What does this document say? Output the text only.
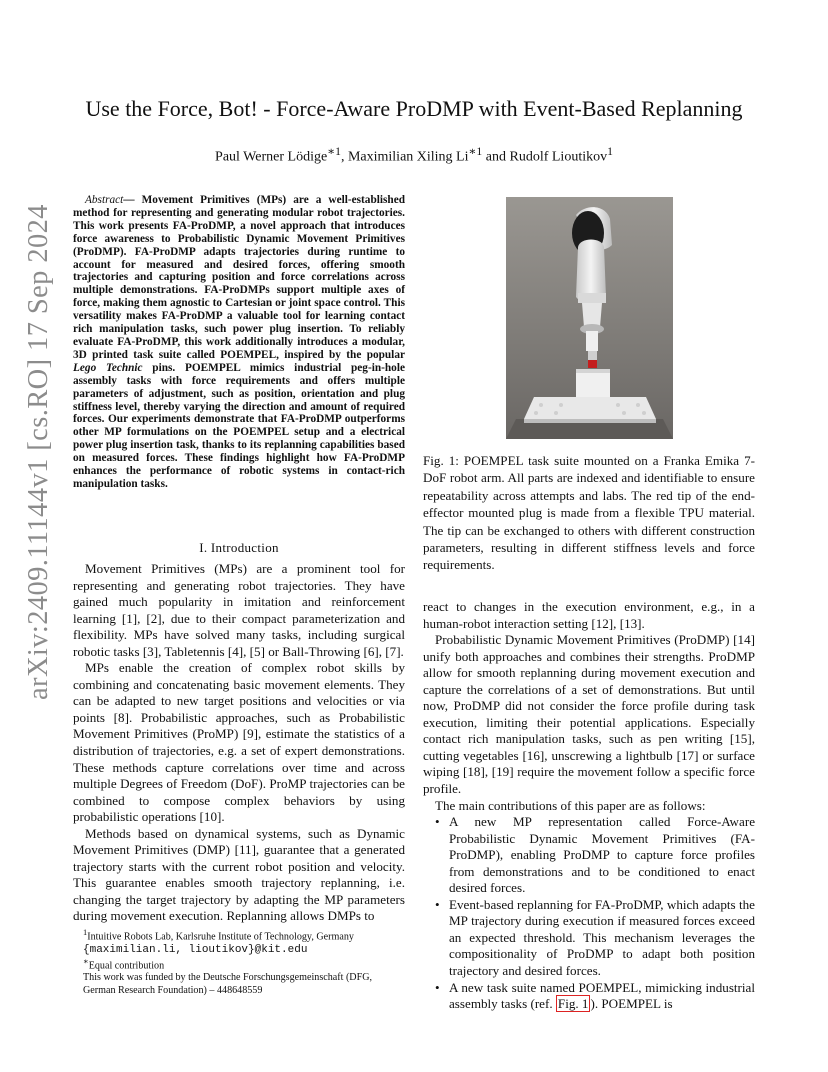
arXiv:2409.11144v1 [cs.RO] 17 Sep 2024
Use the Force, Bot! - Force-Aware ProDMP with Event-Based Replanning
Paul Werner Lödige$^{∗1}$, Maximilian Xiling $Li^{∗1}$ and Rudolf Lioutikov$^1$

Abstract— Movement Primitives (MPs) are a well-established method for representing and generating modular robot trajectories. This work presents FA-ProDMP, a novel approach that introduces force awareness to Probabilistic Dynamic Movement Primitives (ProDMP). FA-ProDMP adapts trajectories during runtime to account for measured and desired forces, offering smooth trajectories and capturing position and force correlations across multiple demonstrations. FA-ProDMPs support multiple axes of force, making them agnostic to Cartesian or joint space control. This versatility makes FA-ProDMP a valuable tool for learning contact rich manipulation tasks, such power plug insertion. To reliably evaluate FA-ProDMP, this work additionally introduces a modular, 3D printed task suite called POEMPEL, inspired by the popular Lego Technic pins. POEMPEL mimics industrial peg-in-hole assembly tasks with force requirements and offers multiple parameters of adjustment, such as position, orientation and plug stiffness level, thereby varying the direction and amount of required forces. Our experiments demonstrate that FA-ProDMP outperforms other MP formulations on the POEMPEL setup and a electrical power plug insertion task, thanks to its replanning capabilities based on measured forces. These findings highlight how FA-ProDMP enhances the performance of robotic systems in contact-rich manipulation tasks.

I. Introduction

Movement Primitives (MPs) are a prominent tool for representing and generating robot trajectories. They have gained much popularity in imitation and reinforcement learning [1], [2], due to their compact parameterization and flexibility. MPs have solved many tasks, including surgical robotic tasks [3], Tabletennis [4], [5] or Ball-Throwing [6], [7].

MPs enable the creation of complex robot skills by combining and concatenating basic movement elements. They can be adapted to new target positions and velocities or via points [8]. Probabilistic approaches, such as Probabilistic Movement Primitives (ProMP) [9], estimate the statistics of a distribution of trajectories, e.g. a set of expert demonstrations. These methods capture correlations over time and across multiple Degrees of Freedom (DoF). ProMP trajectories can be combined to compose complex behaviors by using probabilistic operations [10].

Methods based on dynamical systems, such as Dynamic Movement Primitives (DMP) [11], guarantee that a generated trajectory starts with the current robot position and velocity. This guarantee enables smooth trajectory replanning, i.e. changing the target trajectory by adapting the MP parameters during movement execution. Replanning allows DMPs to

$^1$Intuitive Robots Lab, Karlsruhe Institute of Technology, Germany
{maximilian.li, lioutikov}@kit.edu

∗Equal contribution

This work was funded by the Deutsche Forschungsgemeinschaft (DFG, German Research Foundation) – 448648559

Fig. 1: POEMPEL task suite mounted on a Franka Emika 7-DoF robot arm. All parts are indexed and identifiable to ensure repeatability across attempts and labs. The red tip of the end-effector mounted plug is made from a flexible TPU material. The tip can be exchanged to others with different construction parameters, resulting in different stiffness levels and force requirements.

react to changes in the execution environment, e.g., in a human-robot interaction setting [12], [13].

Probabilistic Dynamic Movement Primitives (ProDMP) [14] unify both approaches and combines their strengths. ProDMP allow for smooth replanning during movement execution and capture the correlations of a set of demonstrations. But until now, ProDMP did not consider the force profile during task execution, limiting their potential applications. Especially contact rich manipulation tasks, such as pen writing [15], cutting vegetables [16], unscrewing a lightbulb [17] or surface wiping [18], [19] require the movement follow a specific force profile.

The main contributions of this paper are as follows:

• A new MP representation called Force-Aware Probabilistic Dynamic Movement Primitives (FA-ProDMP), enabling ProDMP to capture force profiles from demonstrations and to be conditioned to enact desired forces.
• Event-based replanning for FA-ProDMP, which adapts the MP trajectory during execution if measured forces exceed an expected threshold. This mechanism leverages the compositionality of ProDMP to adapt both position trajectory and desired forces.
• A new task suite named POEMPEL, mimicking industrial assembly tasks (ref. Fig. 1 ). POEMPEL is
